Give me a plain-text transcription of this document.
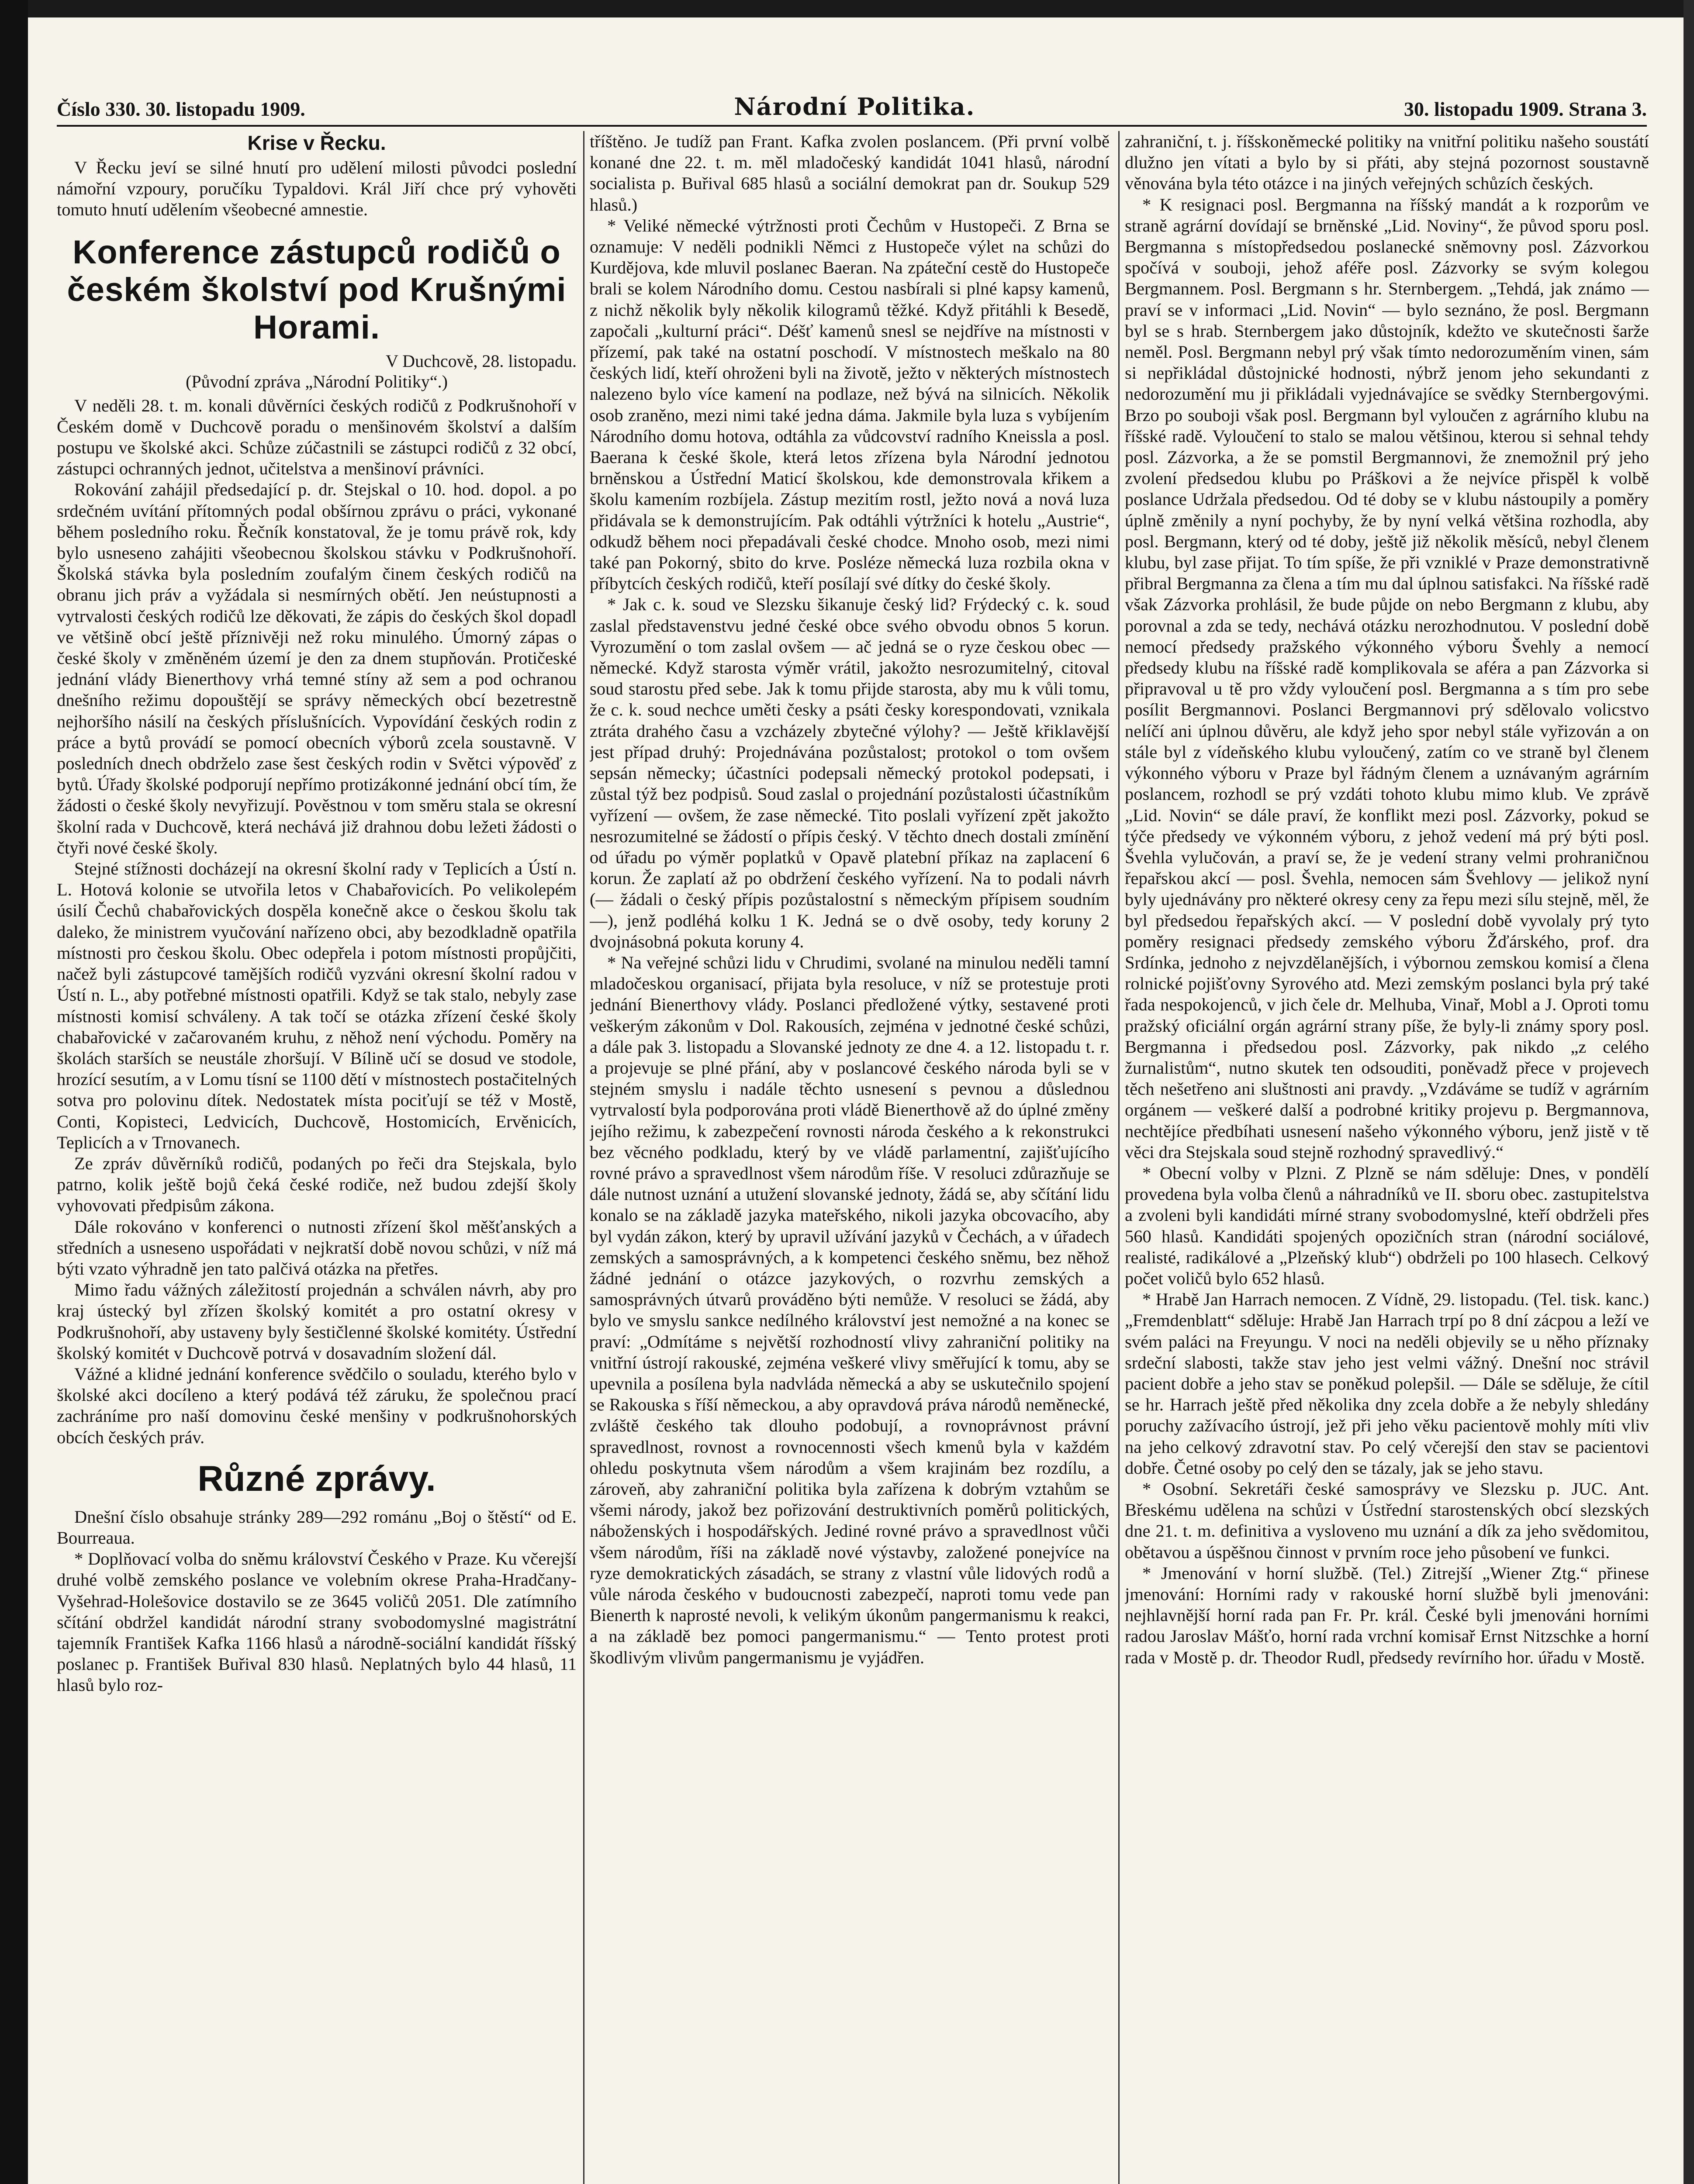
Číslo 330. 30. listopadu 1909.	Národní Politika.	30. listopadu 1909. Strana 3.
Krise v Řecku.

V Řecku jeví se silné hnutí pro udělení milosti původci poslední námořní vzpoury, poručíku Typaldovi. Král Jiří chce prý vyhověti tomuto hnutí udělením všeobecné amnestie.

Konference zástupců rodičů o českém školství pod Krušnými Horami.
V Duchcově, 28. listopadu.
(Původní zpráva „Národní Politiky“.)

V neděli 28. t. m. konali důvěrníci českých rodičů z Podkrušnohoří v Českém domě v Duchcově poradu o menšinovém školství a dalším postupu ve školské akci. Schůze zúčastnili se zástupci rodičů z 32 obcí, zástupci ochranných jednot, učitelstva a menšinoví právníci.

Rokování zahájil předsedající p. dr. Stejskal o 10. hod. dopol. a po srdečném uvítání přítomných podal obšírnou zprávu o práci, vykonané během posledního roku. Řečník konstatoval, že je tomu právě rok, kdy bylo usneseno zahájiti všeobecnou školskou stávku v Podkrušnohoří. Školská stávka byla posledním zoufalým činem českých rodičů na obranu jich práv a vyžádala si nesmírných obětí. Jen neústupnosti a vytrvalosti českých rodičů lze děkovati, že zápis do českých škol dopadl ve většině obcí ještě příznivěji než roku minulého. Úmorný zápas o české školy v změněném území je den za dnem stupňován. Protičeské jednání vlády Bienerthovy vrhá temné stíny až sem a pod ochranou dnešního režimu dopouštějí se správy německých obcí bezetrestně nejhoršího násilí na českých příslušnících. Vypovídání českých rodin z práce a bytů provádí se pomocí obecních výborů zcela soustavně. V posledních dnech obdrželo zase šest českých rodin v Světci výpověď z bytů. Úřady školské podporují nepřímo protizákonné jednání obcí tím, že žádosti o české školy nevyřizují. Pověstnou v tom směru stala se okresní školní rada v Duchcově, která nechává již drahnou dobu ležeti žádosti o čtyři nové české školy.

Stejné stížnosti docházejí na okresní školní rady v Teplicích a Ústí n. L. Hotová kolonie se utvořila letos v Chabařovicích. Po velikolepém úsilí Čechů chabařovických dospěla konečně akce o českou školu tak daleko, že ministrem vyučování nařízeno obci, aby bezodkladně opatřila místnosti pro českou školu. Obec odepřela i potom místnosti propůjčiti, načež byli zástupcové tamějších rodičů vyzváni okresní školní radou v Ústí n. L., aby potřebné místnosti opatřili. Když se tak stalo, nebyly zase místnosti komisí schváleny. A tak točí se otázka zřízení české školy chabařovické v začarovaném kruhu, z něhož není východu. Poměry na školách starších se neustále zhoršují. V Bílině učí se dosud ve stodole, hrozící sesutím, a v Lomu tísní se 1100 dětí v místnostech postačitelných sotva pro polovinu dítek. Nedostatek místa pociťují se též v Mostě, Conti, Kopisteci, Ledvicích, Duchcově, Hostomicích, Ervěnicích, Teplicích a v Trnovanech.

Ze zpráv důvěrníků rodičů, podaných po řeči dra Stejskala, bylo patrno, kolik ještě bojů čeká české rodiče, než budou zdejší školy vyhovovati předpisům zákona.

Dále rokováno v konferenci o nutnosti zřízení škol měšťanských a středních a usneseno uspořádati v nejkratší době novou schůzi, v níž má býti vzato výhradně jen tato palčivá otázka na přetřes.

Mimo řadu vážných záležitostí projednán a schválen návrh, aby pro kraj ústecký byl zřízen školský komitét a pro ostatní okresy v Podkrušnohoří, aby ustaveny byly šestičlenné školské komitéty. Ústřední školský komitét v Duchcově potrvá v dosavadním složení dál.

Vážné a klidné jednání konference svědčilo o souladu, kterého bylo v školské akci docíleno a který podává též záruku, že společnou prací zachráníme pro naší domovinu české menšiny v podkrušnohorských obcích českých práv.

Různé zprávy.

Dnešní číslo obsahuje stránky 289—292 románu „Boj o štěstí“ od E. Bourreaua.

* Doplňovací volba do sněmu království Českého v Praze. Ku včerejší druhé volbě zemského poslance ve volebním okrese Praha-Hradčany-Vyšehrad-Holešovice dostavilo se ze 3645 voličů 2051. Dle zatímního sčítání obdržel kandidát národní strany svobodomyslné magistrátní tajemník František Kafka 1166 hlasů a národně-sociální kandidát říšský poslanec p. František Buřival 830 hlasů. Neplatných bylo 44 hlasů, 11 hlasů bylo roz-

tříštěno. Je tudíž pan Frant. Kafka zvolen poslancem. (Při první volbě konané dne 22. t. m. měl mladočeský kandidát 1041 hlasů, národní socialista p. Buřival 685 hlasů a sociální demokrat pan dr. Soukup 529 hlasů.)

* Veliké německé výtržnosti proti Čechům v Hustopeči. Z Brna se oznamuje: V neděli podnikli Němci z Hustopeče výlet na schůzi do Kurdějova, kde mluvil poslanec Baeran. Na zpáteční cestě do Hustopeče brali se kolem Národního domu. Cestou nasbírali si plné kapsy kamenů, z nichž několik byly několik kilogramů těžké. Když přitáhli k Besedě, započali „kulturní práci“. Déšť kamenů snesl se nejdříve na místnosti v přízemí, pak také na ostatní poschodí. V místnostech meškalo na 80 českých lidí, kteří ohroženi byli na životě, ježto v některých místnostech nalezeno bylo více kamení na podlaze, než bývá na silnicích. Několik osob zraněno, mezi nimi také jedna dáma. Jakmile byla luza s vybíjením Národního domu hotova, odtáhla za vůdcovství radního Kneissla a posl. Baerana k české škole, která letos zřízena byla Národní jednotou brněnskou a Ústřední Maticí školskou, kde demonstrovala křikem a školu kamením rozbíjela. Zástup mezitím rostl, ježto nová a nová luza přidávala se k demonstrujícím. Pak odtáhli výtržníci k hotelu „Austrie“, odkudž během noci přepadávali české chodce. Mnoho osob, mezi nimi také pan Pokorný, sbito do krve. Posléze německá luza rozbila okna v příbytcích českých rodičů, kteří posílají své dítky do české školy.

* Jak c. k. soud ve Slezsku šikanuje český lid? Frýdecký c. k. soud zaslal představenstvu jedné české obce svého obvodu obnos 5 korun. Vyrozumění o tom zaslal ovšem — ač jedná se o ryze českou obec — německé. Když starosta výměr vrátil, jakožto nesrozumitelný, citoval soud starostu před sebe. Jak k tomu přijde starosta, aby mu k vůli tomu, že c. k. soud nechce uměti česky a psáti česky korespondovati, vznikala ztráta drahého času a vzcházely zbytečné výlohy? — Ještě křiklavější jest případ druhý: Projednávána pozůstalost; protokol o tom ovšem sepsán německy; účastníci podepsali německý protokol podepsati, i zůstal týž bez podpisů. Soud zaslal o projednání pozůstalosti účastníkům vyřízení — ovšem, že zase německé. Tito poslali vyřízení zpět jakožto nesrozumitelné se žádostí o přípis český. V těchto dnech dostali zmínění od úřadu po výměr poplatků v Opavě platební příkaz na zaplacení 6 korun. Že zaplatí až po obdržení českého vyřízení. Na to podali návrh (— žádali o český přípis pozůstalostní s německým přípisem soudním —), jenž podléhá kolku 1 K. Jedná se o dvě osoby, tedy koruny 2 dvojnásobná pokuta koruny 4.

* Na veřejné schůzi lidu v Chrudimi, svolané na minulou neděli tamní mladočeskou organisací, přijata byla resoluce, v níž se protestuje proti jednání Bienerthovy vlády. Poslanci předložené výtky, sestavené proti veškerým zákonům v Dol. Rakousích, zejména v jednotné české schůzi, a dále pak 3. listopadu a Slovanské jednoty ze dne 4. a 12. listopadu t. r. a projevuje se plné přání, aby v poslancové českého národa byli se v stejném smyslu i nadále těchto usnesení s pevnou a důslednou vytrvalostí byla podporována proti vládě Bienerthově až do úplné změny jejího režimu, k zabezpečení rovnosti národa českého a k rekonstrukci bez věcného podkladu, který by ve vládě parlamentní, zajišťujícího rovné právo a spravedlnost všem národům říše. V resoluci zdůrazňuje se dále nutnost uznání a utužení slovanské jednoty, žádá se, aby sčítání lidu konalo se na základě jazyka mateřského, nikoli jazyka obcovacího, aby byl vydán zákon, který by upravil užívání jazyků v Čechách, a v úřadech zemských a samosprávných, a k kompetenci českého sněmu, bez něhož žádné jednání o otázce jazykových, o rozvrhu zemských a samosprávných útvarů prováděno býti nemůže. V resoluci se žádá, aby bylo ve smyslu sankce nedílného království jest nemožné a na konec se praví: „Odmítáme s největší rozhodností vlivy zahraniční politiky na vnitřní ústrojí rakouské, zejména veškeré vlivy směřující k tomu, aby se upevnila a posílena byla nadvláda německá a aby se uskutečnilo spojení se Rakouska s říší německou, a aby opravdová práva národů neměnecké, zvláště českého tak dlouho podobují, a rovnoprávnost právní spravedlnost, rovnost a rovnocennosti všech kmenů byla v každém ohledu poskytnuta všem národům a všem krajinám bez rozdílu, a zároveň, aby zahraniční politika byla zařízena k dobrým vztahům se všemi národy, jakož bez pořizování destruktivních poměrů politických, náboženských i hospodářských. Jediné rovné právo a spravedlnost vůči všem národům, říši na základě nové výstavby, založené ponejvíce na ryze demokratických zásadách, se strany z vlastní vůle lidových rodů a vůle národa českého v budoucnosti zabezpečí, naproti tomu vede pan Bienerth k naprosté nevoli, k velikým úkonům pangermanismu k reakci, a na základě bez pomoci pangermanismu.“ — Tento protest proti škodlivým vlivům pangermanismu je vyjádřen.

zahraniční, t. j. říšskoněmecké politiky na vnitřní politiku našeho soustátí dlužno jen vítati a bylo by si přáti, aby stejná pozornost soustavně věnována byla této otázce i na jiných veřejných schůzích českých.

* K resignaci posl. Bergmanna na říšský mandát a k rozporům ve straně agrární dovídají se brněnské „Lid. Noviny“, že původ sporu posl. Bergmanna s místopředsedou poslanecké sněmovny posl. Zázvorkou spočívá v souboji, jehož aféře posl. Zázvorky se svým kolegou Bergmannem. Posl. Bergmann s hr. Sternbergem. „Tehdá, jak známo — praví se v informaci „Lid. Novin“ — bylo seznáno, že posl. Bergmann byl se s hrab. Sternbergem jako důstojník, kdežto ve skutečnosti šarže neměl. Posl. Bergmann nebyl prý však tímto nedorozuměním vinen, sám si nepřikládal důstojnické hodnosti, nýbrž jenom jeho sekundanti z nedorozumění mu ji přikládali vyjednávajíce se svědky Sternbergovými. Brzo po souboji však posl. Bergmann byl vyloučen z agrárního klubu na říšské radě. Vyloučení to stalo se malou většinou, kterou si sehnal tehdy posl. Zázvorka, a že se pomstil Bergmannovi, že znemožnil prý jeho zvolení předsedou klubu po Práškovi a že nejvíce přispěl k volbě poslance Udržala předsedou. Od té doby se v klubu nástoupily a poměry úplně změnily a nyní pochyby, že by nyní velká většina rozhodla, aby posl. Bergmann, který od té doby, ještě již několik měsíců, nebyl členem klubu, byl zase přijat. To tím spíše, že při vzniklé v Praze demonstrativně přibral Bergmanna za člena a tím mu dal úplnou satisfakci. Na říšské radě však Zázvorka prohlásil, že bude půjde on nebo Bergmann z klubu, aby porovnal a zda se tedy, nechává otázku nerozhodnutou. V poslední době nemocí předsedy pražského výkonného výboru Švehly a nemocí předsedy klubu na říšské radě komplikovala se aféra a pan Zázvorka si připravoval u tě pro vždy vyloučení posl. Bergmanna a s tím pro sebe posílit Bergmannovi. Poslanci Bergmannovi prý sdělovalo volicstvo nelíčí ani úplnou důvěru, ale když jeho spor nebyl stále vyřizován a on stále byl z vídeňského klubu vyloučený, zatím co ve straně byl členem výkonného výboru v Praze byl řádným členem a uznávaným agrárním poslancem, rozhodl se prý vzdáti tohoto klubu mimo klub. Ve zprávě „Lid. Novin“ se dále praví, že konflikt mezi posl. Zázvorky, pokud se týče předsedy ve výkonném výboru, z jehož vedení má prý býti posl. Švehla vylučován, a praví se, že je vedení strany velmi prohraničnou řepařskou akcí — posl. Švehla, nemocen sám Švehlovy — jelikož nyní byly ujednávány pro některé okresy ceny za řepu mezi sílu stejně, měl, že byl předsedou řepařských akcí. — V poslední době vyvolaly prý tyto poměry resignaci předsedy zemského výboru Žďárského, prof. dra Srdínka, jednoho z nejvzdělanějších, i výbornou zemskou komisí a člena rolnické pojišťovny Syrového atd. Mezi zemským poslanci byla prý také řada nespokojenců, v jich čele dr. Melhuba, Vinař, Mobl a J. Oproti tomu pražský oficiální orgán agrární strany píše, že byly-li známy spory posl. Bergmanna i předsedou posl. Zázvorky, pak nikdo „z celého žurnalistům“, nutno skutek ten odsouditi, poněvadž přece v projevech těch nešetřeno ani sluštnosti ani pravdy. „Vzdáváme se tudíž v agrárním orgánem — veškeré další a podrobné kritiky projevu p. Bergmannova, nechtějíce předbíhati usnesení našeho výkonného výboru, jenž jistě v tě věci dra Stejskala soud stejně rozhodný spravedlivý.“

* Obecní volby v Plzni. Z Plzně se nám sděluje: Dnes, v pondělí provedena byla volba členů a náhradníků ve II. sboru obec. zastupitelstva a zvoleni byli kandidáti mírné strany svobodomyslné, kteří obdrželi přes 560 hlasů. Kandidáti spojených opozičních stran (národní sociálové, realisté, radikálové a „Plzeňský klub“) obdrželi po 100 hlasech. Celkový počet voličů bylo 652 hlasů.

* Hrabě Jan Harrach nemocen. Z Vídně, 29. listopadu. (Tel. tisk. kanc.) „Fremdenblatt“ sděluje: Hrabě Jan Harrach trpí po 8 dní zácpou a leží ve svém paláci na Freyungu. V noci na neděli objevily se u něho příznaky srdeční slabosti, takže stav jeho jest velmi vážný. Dnešní noc strávil pacient dobře a jeho stav se poněkud polepšil. — Dále se sděluje, že cítil se hr. Harrach ještě před několika dny zcela dobře a že nebyly shledány poruchy zažívacího ústrojí, jež při jeho věku pacientově mohly míti vliv na jeho celkový zdravotní stav. Po celý včerejší den stav se pacientovi dobře. Četné osoby po celý den se tázaly, jak se jeho stavu.

* Osobní. Sekretáři české samosprávy ve Slezsku p. JUC. Ant. Břeskému udělena na schůzi v Ústřední starostenských obcí slezských dne 21. t. m. definitiva a vysloveno mu uznání a dík za jeho svědomitou, obětavou a úspěšnou činnost v prvním roce jeho působení ve funkci.

* Jmenování v horní službě. (Tel.) Zitrejší „Wiener Ztg.“ přinese jmenování: Horními rady v rakouské horní službě byli jmenováni: nejhlavnější horní rada pan Fr. Pr. král. České byli jmenováni horními radou Jaroslav Mášťo, horní rada vrchní komisař Ernst Nitzschke a horní rada v Mostě p. dr. Theodor Rudl, předsedy revírního hor. úřadu v Mostě.
